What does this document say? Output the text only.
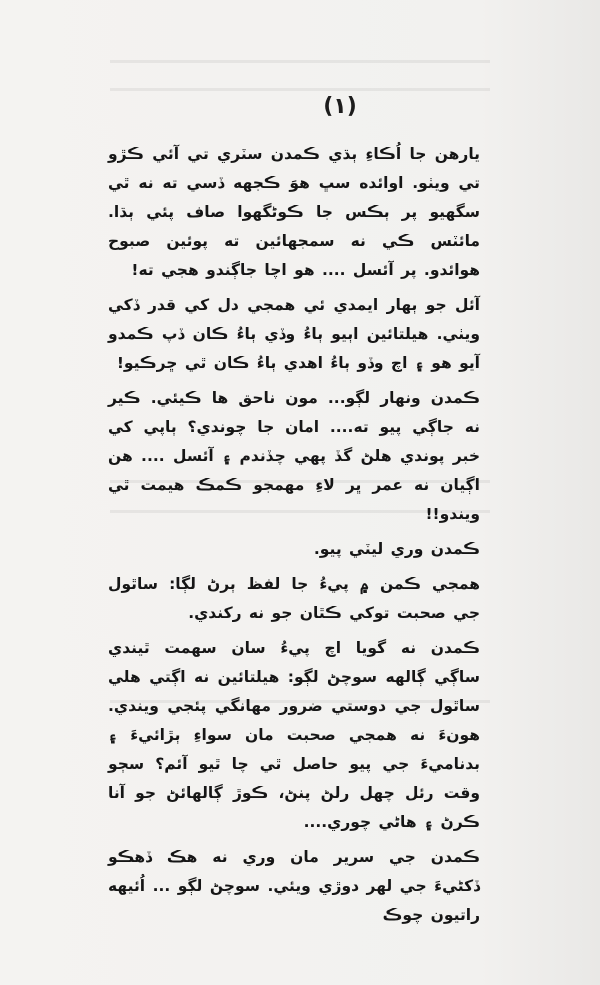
(١)

يارهن جا اُڪاءِ ٻڌي ڪمدن سٽري تي آئي ڪڙو تي ويٺو. اوائده سڀ هوَ ڪجهه ڏسي ته نه ٿي سگهيو پر ٻڪس جا ڪوڻگهوا صاف پئي ٻڌا. مائٽس ڪي نه سمجهائين ته پوئين صبوح هوائدو. پر آئسل .... هو اچا جاڳندو هجي ته!

آئل جو ٻهار ايمدي ئي همجي دل کي قدر ڏکي ويٺي. هيلتائين اٻيو ٻاءُ وڏي ٻاءُ ڪان ڏپ ڪمدو آيو هو ۽ اچ وڏو ٻاءُ اهدي ٻاءُ ڪان ٿي ڇرڪيو!

ڪمدن ونهار لڳو... مون ناحق ها ڪيئي. ڪير نه جاڳي پيو ته.... امان جا چوندي؟ ٻاپي کي خبر پوندي هلڻ گڏ پهي چڏندم ۽ آئسل .... هن اڳيان نه عمر ڀر لاءِ مهمجو ڪمڪ هيمت ٿي ويندو!!

ڪمدن وري ليٽي پيو.

همجي ڪمن ۾ پيءُ جا لفظ ٻرڻ لڳا: ساٿول جي صحبت توکي ڪٿان جو نه رکندي.

ڪمدن نه گويا اچ پيءُ سان سهمت ٿيندي ساڳي ڳالهه سوچڻ لڳو: هيلتائين نه اڳتي هلي ساٿول جي دوستي ضرور مهانگي پئجي ويندي. هونءَ نه همجي صحبت مان سواءِ ٻڙائيءَ ۽ بدناميءَ جي پيو حاصل ٿي چا ٿيو آئم؟ سڄو وقت رئل چهل رلڻ پنڻ، ڪوڙ ڳالهائڻ جو آنا ڪرڻ ۽ هاڻي چوري....

ڪمدن جي سرير مان وري نه هڪ ڏهڪو ڏکڻيءَ جي لهر دوڙي ويئي. سوچڻ لڳو ... اُئيهه راتيون چوڪ
